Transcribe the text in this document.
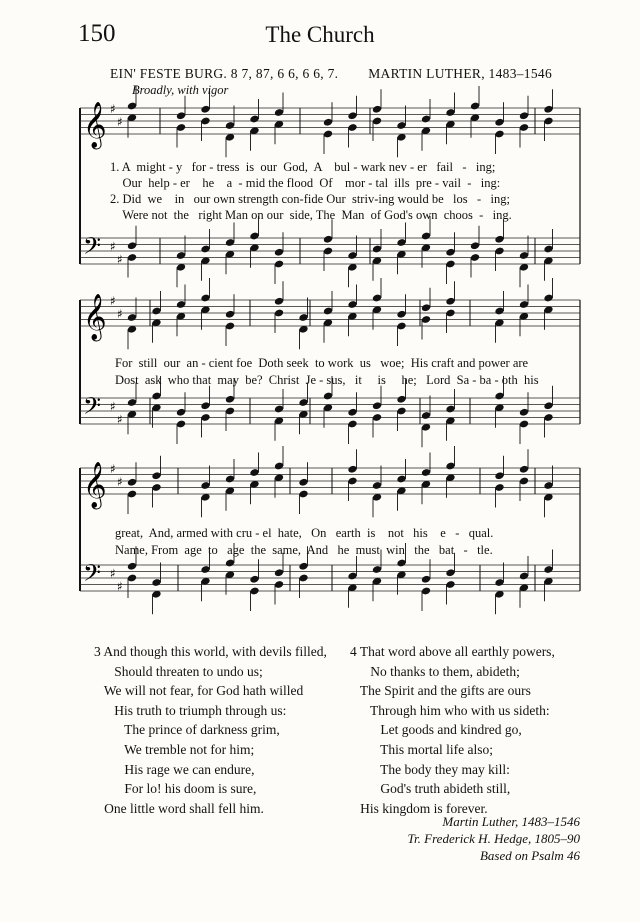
150	The Church
EIN' FESTE BURG. 8 7, 87, 6 6, 6 6, 7. MARTIN LUTHER, 1483–1546
Broadly, with vigor
𝄞 ♯
♯
𝄢 ♯
♯
𝄞 ♯
♯
𝄢 ♯
♯
𝄞 ♯
♯
𝄢 ♯
♯
1. A  might - y   for - tress  is  our  God,  A    bul - wark nev - er   fail   -   ing;
Our  help - er    he    a  - mid the flood  Of    mor - tal  ills  pre - vail  -   ing:
2. Did  we    in   our own strength con-fide Our  striv-ing would be   los   -   ing;
Were not  the   right Man on our  side, The  Man  of God's own  choos  -   ing.
For  still  our  an - cient foe  Doth seek  to work  us   woe;  His craft and power are
Dost  ask  who that  may  be?  Christ  Je - sus,   it     is     he;   Lord  Sa - ba - oth  his
great,  And, armed with cru - el  hate,   On   earth  is    not   his    e   -   qual.
Name, From  age  to   age  the  same,  And   he  must  win   the   bat   -   tle.
3 And though this world, with devils filled,
Should threaten to undo us;
We will not fear, for God hath willed
His truth to triumph through us:
The prince of darkness grim,
We tremble not for him;
His rage we can endure,
For lo! his doom is sure,
One little word shall fell him.
4 That word above all earthly powers,
No thanks to them, abideth;
The Spirit and the gifts are ours
Through him who with us sideth:
Let goods and kindred go,
This mortal life also;
The body they may kill:
God's truth abideth still,
His kingdom is forever.
Martin Luther, 1483–1546
Tr. Frederick H. Hedge, 1805–90
Based on Psalm 46
